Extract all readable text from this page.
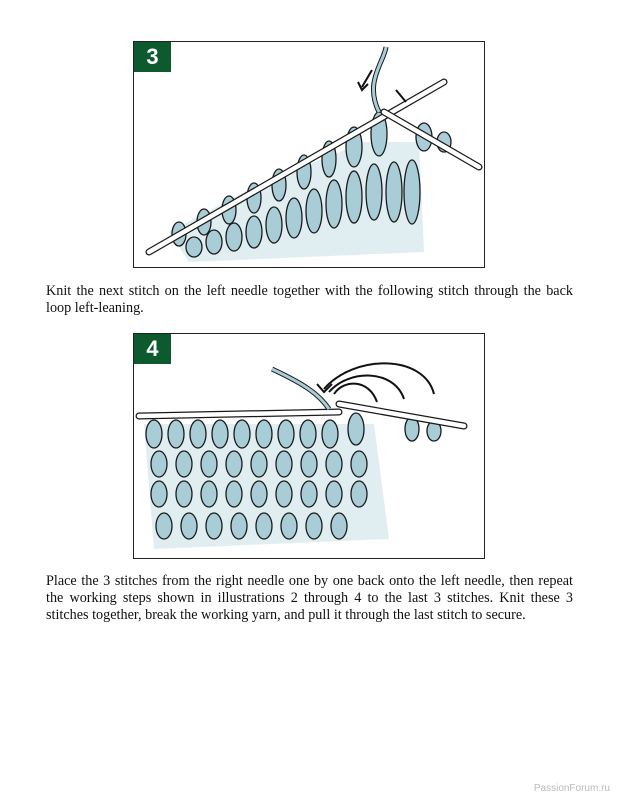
3

Knit the next stitch on the left needle together with the following stitch through the back loop left-leaning.

4

Place the 3 stitches from the right needle one by one back onto the left needle, then repeat the working steps shown in illustrations 2 through 4 to the last 3 stitches. Knit these 3 stitches together, break the working yarn, and pull it through the last stitch to secure.

PassionForum.ru
